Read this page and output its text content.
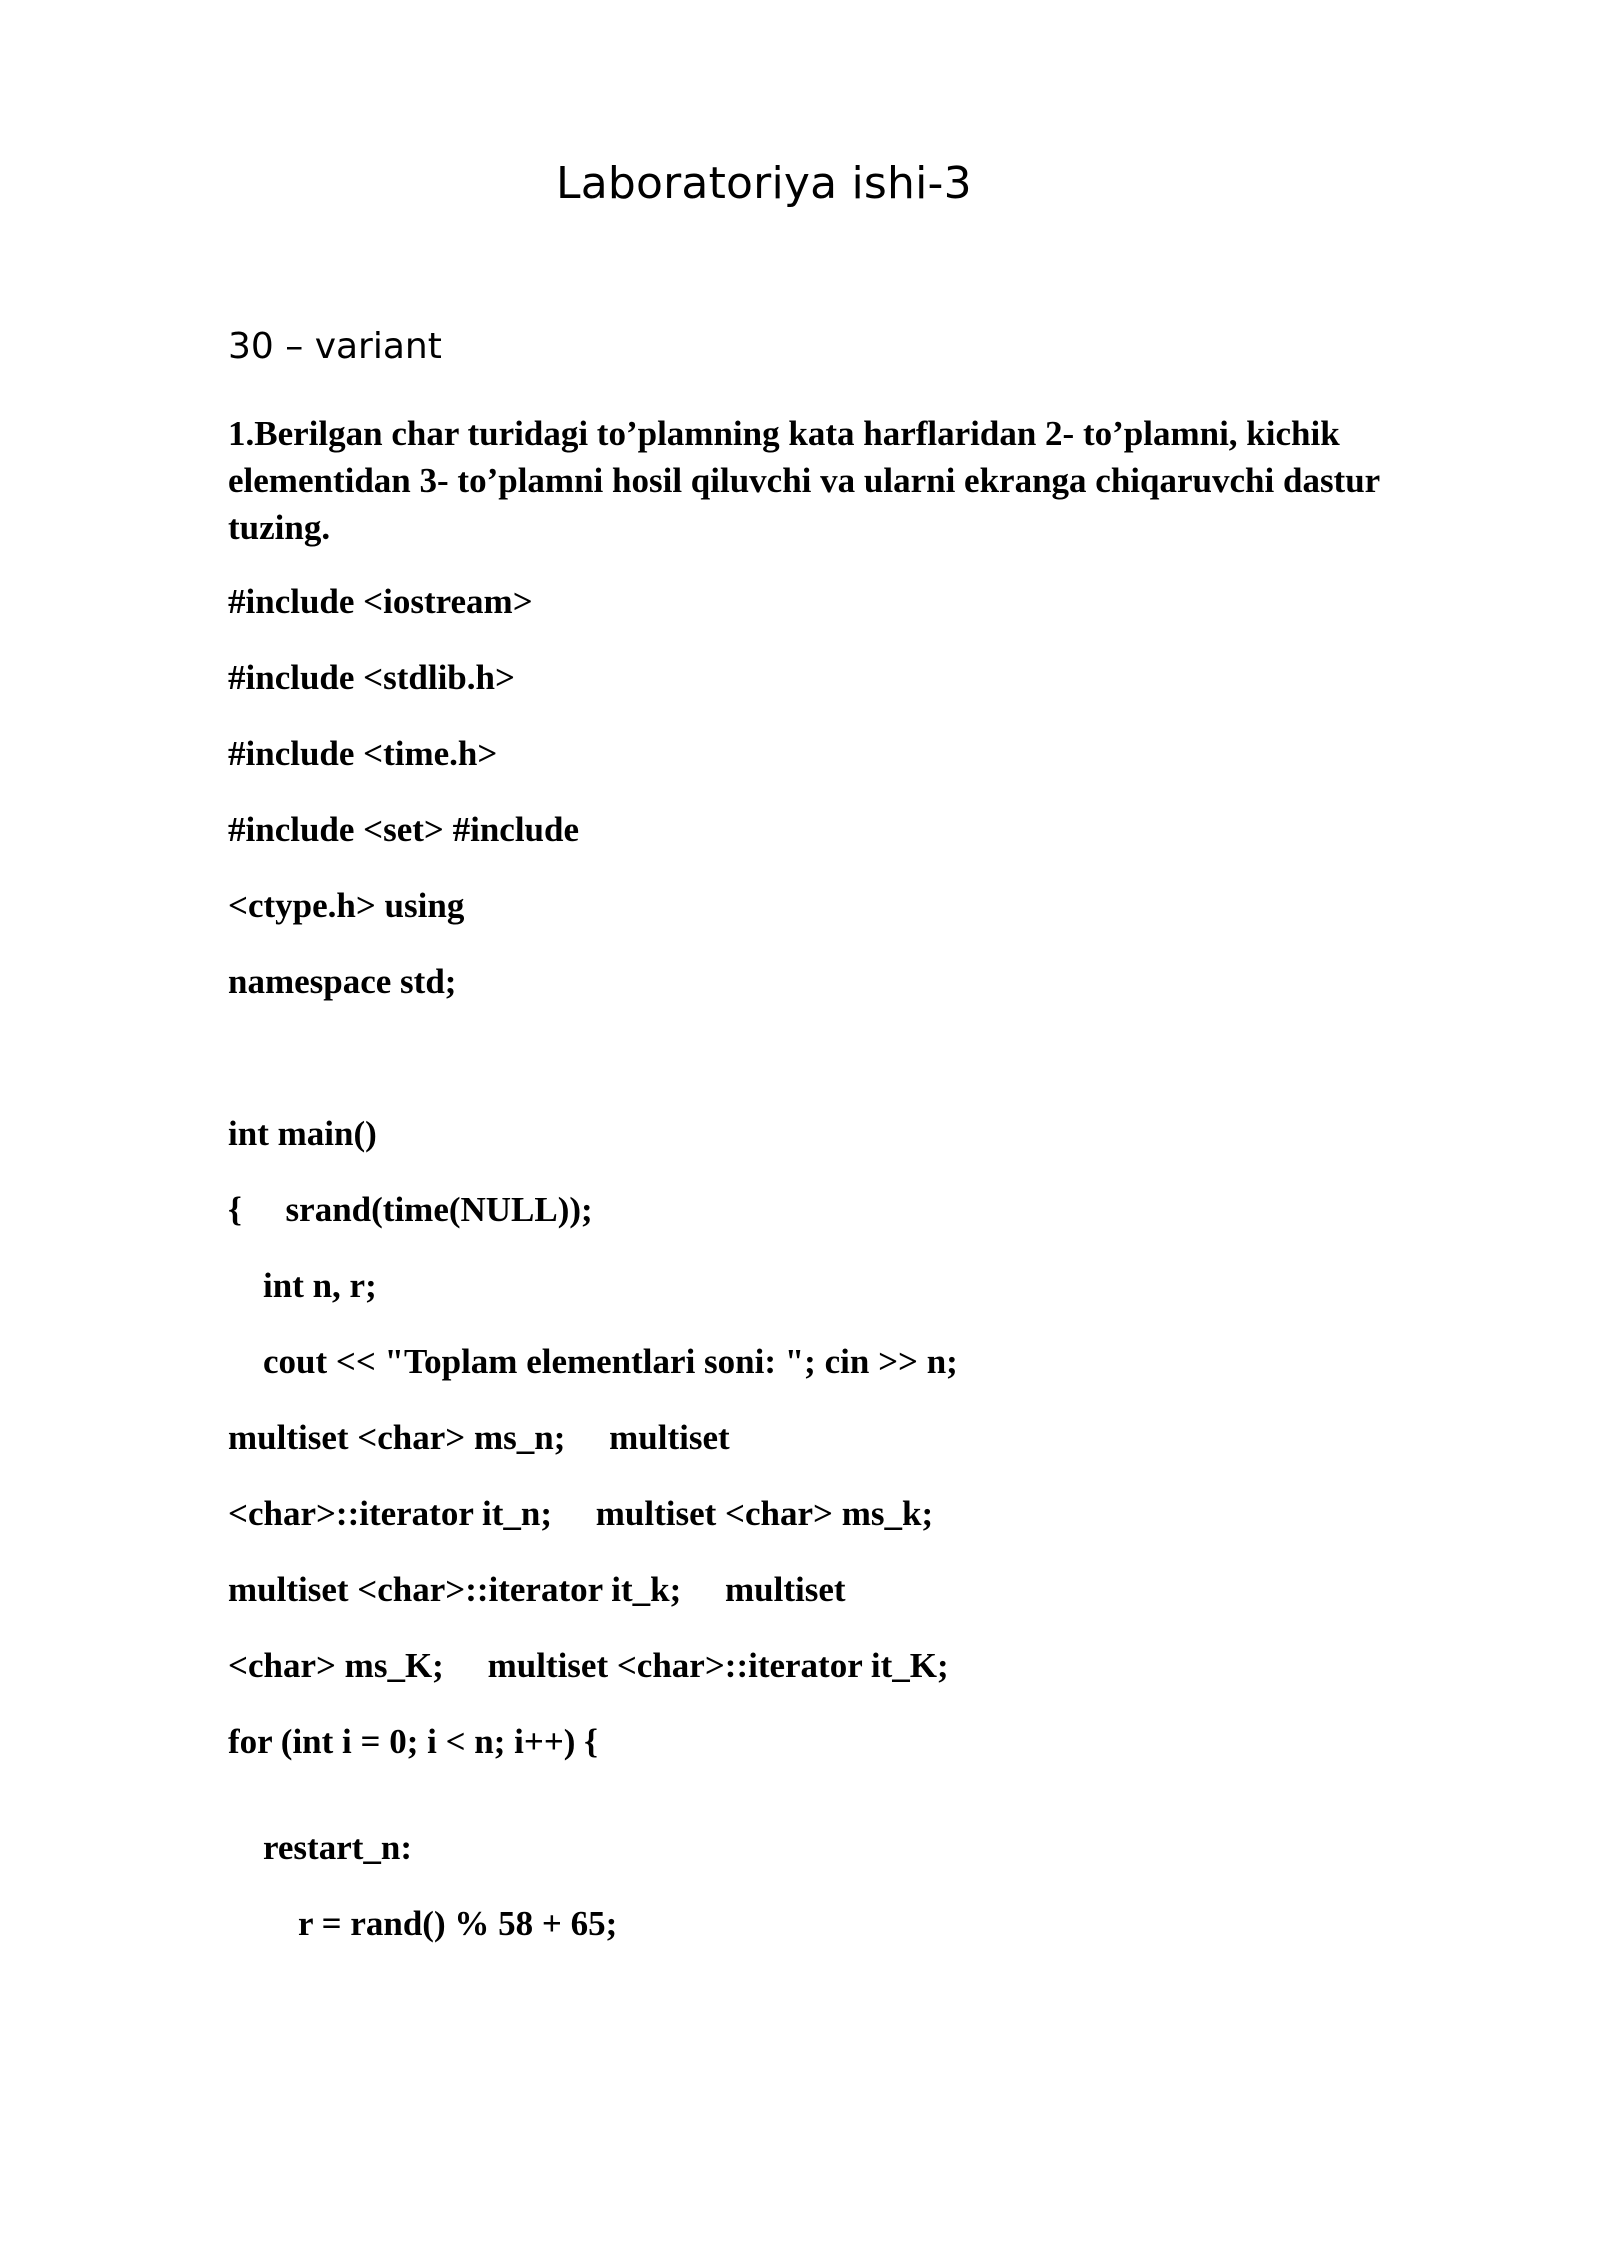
Laboratoriya ishi-3
30 – variant
1.Berilgan char turidagi to’plamning kata harflaridan 2- to’plamni, kichik elementidan 3- to’plamni hosil qiluvchi va ularni ekranga chiqaruvchi dastur tuzing.
#include <iostream>
#include <stdlib.h>
#include <time.h>
#include <set> #include
<ctype.h> using
namespace std;
int main()
{     srand(time(NULL));
int n, r;
cout << "Toplam elementlari soni: "; cin >> n;
multiset <char> ms_n;     multiset
<char>::iterator it_n;     multiset <char> ms_k;
multiset <char>::iterator it_k;     multiset
<char> ms_K;     multiset <char>::iterator it_K;
for (int i = 0; i < n; i++) {
restart_n:
r = rand() % 58 + 65;
